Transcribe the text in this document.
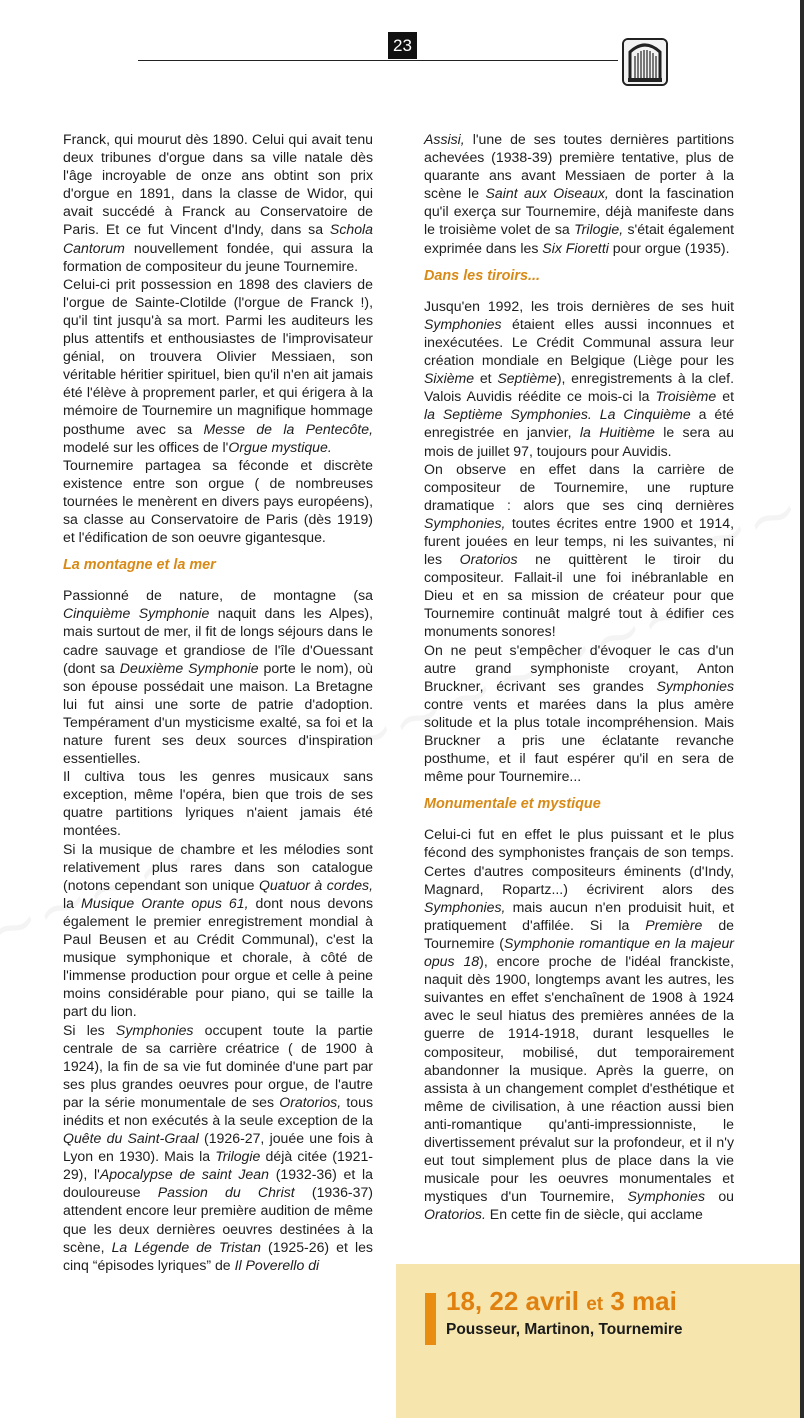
23

Franck, qui mourut dès 1890. Celui qui avait tenu deux tribunes d'orgue dans sa ville natale dès l'âge incroyable de onze ans obtint son prix d'orgue en 1891, dans la classe de Widor, qui avait succédé à Franck au Conservatoire de Paris. Et ce fut Vincent d'Indy, dans sa Schola Cantorum nouvellement fondée, qui assura la formation de compositeur du jeune Tournemire.

Celui-ci prit possession en 1898 des claviers de l'orgue de Sainte-Clotilde (l'orgue de Franck !), qu'il tint jusqu'à sa mort. Parmi les auditeurs les plus attentifs et enthousiastes de l'improvisateur génial, on trouvera Olivier Messiaen, son véritable héritier spirituel, bien qu'il n'en ait jamais été l'élève à proprement parler, et qui érigera à la mémoire de Tournemire un magnifique hommage posthume avec sa Messe de la Pentecôte, modelé sur les offices de l'Orgue mystique.

Tournemire partagea sa féconde et discrète existence entre son orgue ( de nombreuses tournées le menèrent en divers pays européens), sa classe au Conservatoire de Paris (dès 1919) et l'édification de son oeuvre gigantesque.

La montagne et la mer

Passionné de nature, de montagne (sa Cinquième Symphonie naquit dans les Alpes), mais surtout de mer, il fit de longs séjours dans le cadre sauvage et grandiose de l'île d'Ouessant (dont sa Deuxième Symphonie porte le nom), où son épouse possédait une maison. La Bretagne lui fut ainsi une sorte de patrie d'adoption. Tempérament d'un mysticisme exalté, sa foi et la nature furent ses deux sources d'inspiration essentielles.

Il cultiva tous les genres musicaux sans exception, même l'opéra, bien que trois de ses quatre partitions lyriques n'aient jamais été montées.

Si la musique de chambre et les mélodies sont relativement plus rares dans son catalogue (notons cependant son unique Quatuor à cordes, la Musique Orante opus 61, dont nous devons également le premier enregistrement mondial à Paul Beusen et au Crédit Communal), c'est la musique symphonique et chorale, à côté de l'immense production pour orgue et celle à peine moins considérable pour piano, qui se taille la part du lion.

Si les Symphonies occupent toute la partie centrale de sa carrière créatrice ( de 1900 à 1924), la fin de sa vie fut dominée d'une part par ses plus grandes oeuvres pour orgue, de l'autre par la série monumentale de ses Oratorios, tous inédits et non exécutés à la seule exception de la Quête du Saint-Graal (1926-27, jouée une fois à Lyon en 1930). Mais la Trilogie déjà citée (1921-29), l'Apocalypse de saint Jean (1932-36) et la douloureuse Passion du Christ (1936-37) attendent encore leur première audition de même que les deux dernières oeuvres destinées à la scène, La Légende de Tristan (1925-26) et les cinq “épisodes lyriques” de Il Poverello di

Assisi, l'une de ses toutes dernières partitions achevées (1938-39) première tentative, plus de quarante ans avant Messiaen de porter à la scène le Saint aux Oiseaux, dont la fascination qu'il exerça sur Tournemire, déjà manifeste dans le troisième volet de sa Trilogie, s'était également exprimée dans les Six Fioretti pour orgue (1935).

Dans les tiroirs...

Jusqu'en 1992, les trois dernières de ses huit Symphonies étaient elles aussi inconnues et inexécutées. Le Crédit Communal assura leur création mondiale en Belgique (Liège pour les Sixième et Septième), enregistrements à la clef. Valois Auvidis réédite ce mois-ci la Troisième et la Septième Symphonies. La Cinquième a été enregistrée en janvier, la Huitième le sera au mois de juillet 97, toujours pour Auvidis.

On observe en effet dans la carrière de compositeur de Tournemire, une rupture dramatique : alors que ses cinq dernières Symphonies, toutes écrites entre 1900 et 1914, furent jouées en leur temps, ni les suivantes, ni les Oratorios ne quittèrent le tiroir du compositeur. Fallait-il une foi inébranlable en Dieu et en sa mission de créateur pour que Tournemire continuât malgré tout à édifier ces monuments sonores!

On ne peut s'empêcher d'évoquer le cas d'un autre grand symphoniste croyant, Anton Bruckner, écrivant ses grandes Symphonies contre vents et marées dans la plus amère solitude et la plus totale incompréhension. Mais Bruckner a pris une éclatante revanche posthume, et il faut espérer qu'il en sera de même pour Tournemire...

Monumentale et mystique

Celui-ci fut en effet le plus puissant et le plus fécond des symphonistes français de son temps. Certes d'autres compositeurs éminents (d'Indy, Magnard, Ropartz...) écrivirent alors des Symphonies, mais aucun n'en produisit huit, et pratiquement d'affilée. Si la Première de Tournemire (Symphonie romantique en la majeur opus 18), encore proche de l'idéal franckiste, naquit dès 1900, longtemps avant les autres, les suivantes en effet s'enchaînent de 1908 à 1924 avec le seul hiatus des premières années de la guerre de 1914-1918, durant lesquelles le compositeur, mobilisé, dut temporairement abandonner la musique. Après la guerre, on assista à un changement complet d'esthétique et même de civilisation, à une réaction aussi bien anti-romantique qu'anti-impressionniste, le divertissement prévalut sur la profondeur, et il n'y eut tout simplement plus de place dans la vie musicale pour les oeuvres monumentales et mystiques d'un Tournemire, Symphonies ou Oratorios. En cette fin de siècle, qui acclame

18, 22 avril et 3 mai
Pousseur, Martinon, Tournemire
